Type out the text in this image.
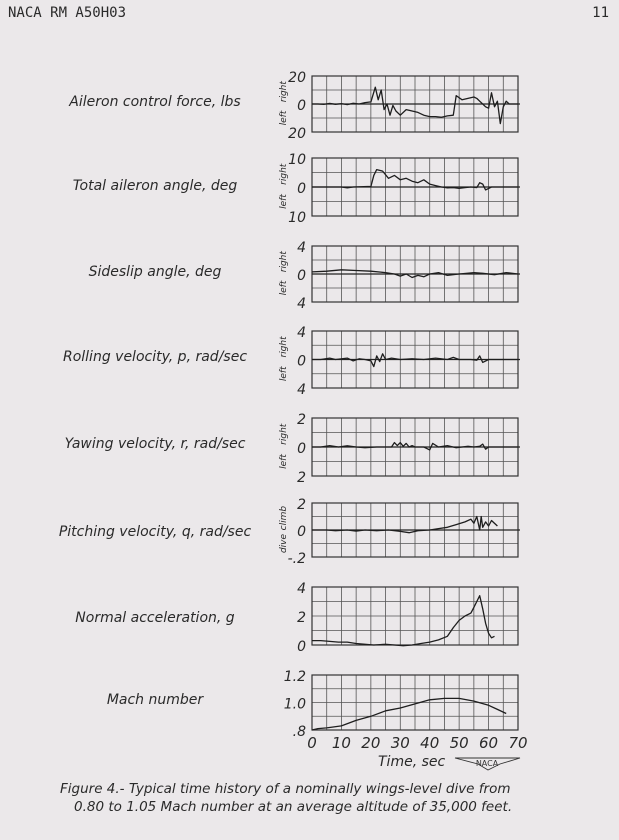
NACA RM A50H03	11
Aileron control force, lbs
Total aileron angle, deg
Sideslip angle, deg
Rolling velocity, p, rad/sec
Yawing velocity, r, rad/sec
Pitching velocity, q, rad/sec
Normal acceleration, g
Mach number
20
0
20
right
left
10
0
10
right
left
4
0
4
right
left
4
0
4
right
left
2
0
2
right
left
2
0
-.2
climb
dive
4
2
0
1.2
1.0
.8
0 10 20 30 40 50 60 70
Time, sec	NACA
Figure 4.- Typical time history of a nominally wings-level dive from
0.80 to 1.05 Mach number at an average altitude of 35,000 feet.
